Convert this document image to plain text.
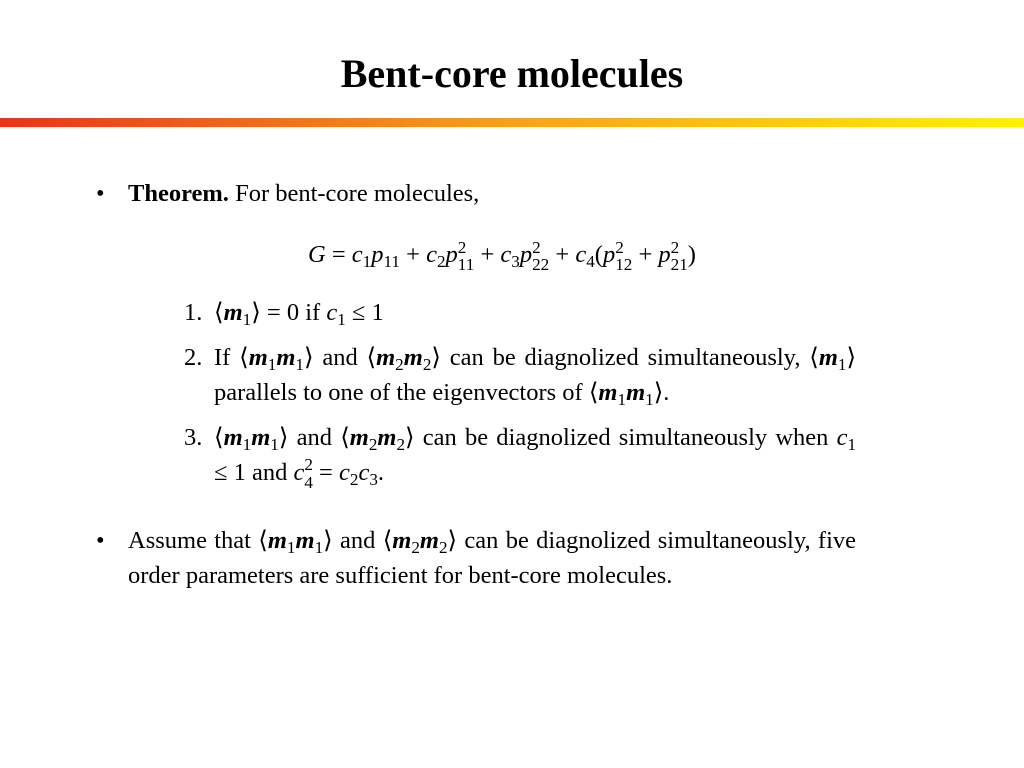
Bent-core molecules
• Theorem. For bent-core molecules,
$G = c_1p_{11} + c_2p$ 2
$11 + c_3p$ 2
$22 + c_4(p$ 2
12 + p 2
21 )
1. $⟨m_1⟩ = 0$ if $c_1 \le 1$
2. If $⟨m_1m_1⟩$ and $⟨m_2m_2⟩$ can be diagnolized simultaneously, $⟨m_1⟩$ parallels to one of the eigenvectors of $⟨m_1m_1⟩$.
3. $⟨m_1m_1⟩$ and $⟨m_2m_2⟩$ can be diagnolized simultaneously when $c_1 \le 1$ and c 2
$4 = c_2c_3$.
• Assume that $⟨m_1m_1⟩$ and $⟨m_2m_2⟩$ can be diagnolized simultaneously, five order parameters are sufficient for bent-core molecules.
